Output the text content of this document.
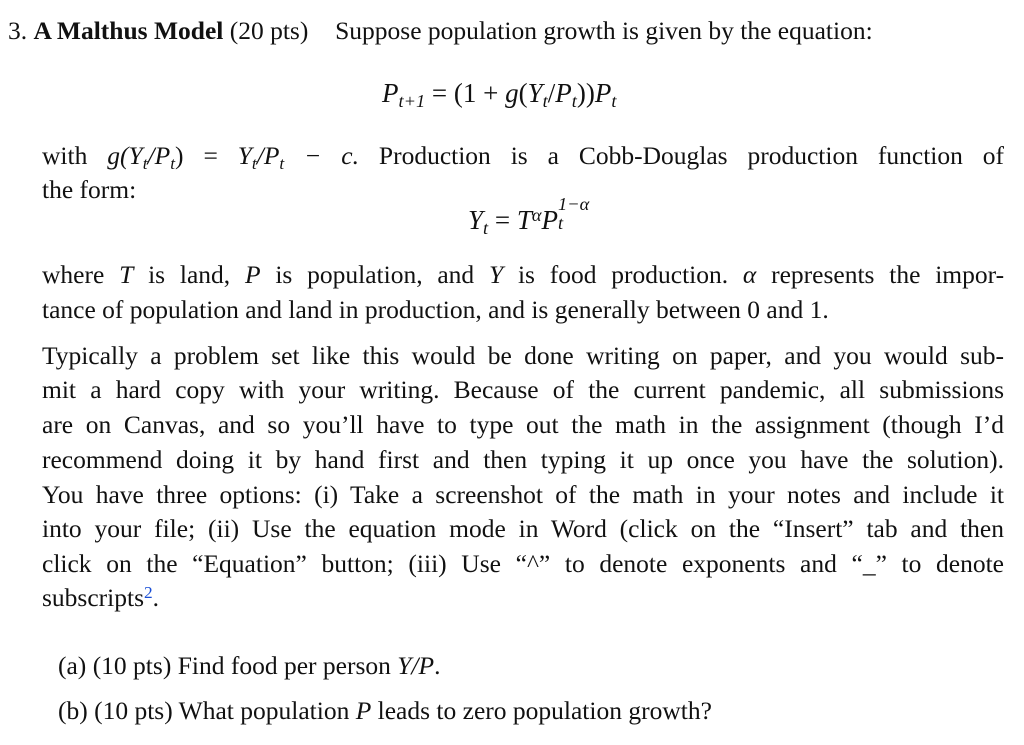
3. A Malthus Model (20 pts) Suppose population growth is given by the equation:
$P_{t+1} = (1 + g(Y_t/P_t))P_t$
with $g(Y_t/P_t) = Y_t/P_t - c$. Production is a Cobb-Douglas production function of
the form:
$Y_t = T^\alpha P$
1−α
t
where T is land, P is population, and Y is food production. α represents the impor-
tance of population and land in production, and is generally between 0 and 1.
Typically a problem set like this would be done writing on paper, and you would sub-
mit a hard copy with your writing. Because of the current pandemic, all submissions
are on Canvas, and so you’ll have to type out the math in the assignment (though I’d
recommend doing it by hand first and then typing it up once you have the solution).
You have three options: (i) Take a screenshot of the math in your notes and include it
into your file; (ii) Use the equation mode in Word (click on the “Insert” tab and then
click on the “Equation” button; (iii) Use “^” to denote exponents and “_” to denote
subscripts$^2$.
(a) (10 pts) Find food per person Y/P.
(b) (10 pts) What population P leads to zero population growth?
